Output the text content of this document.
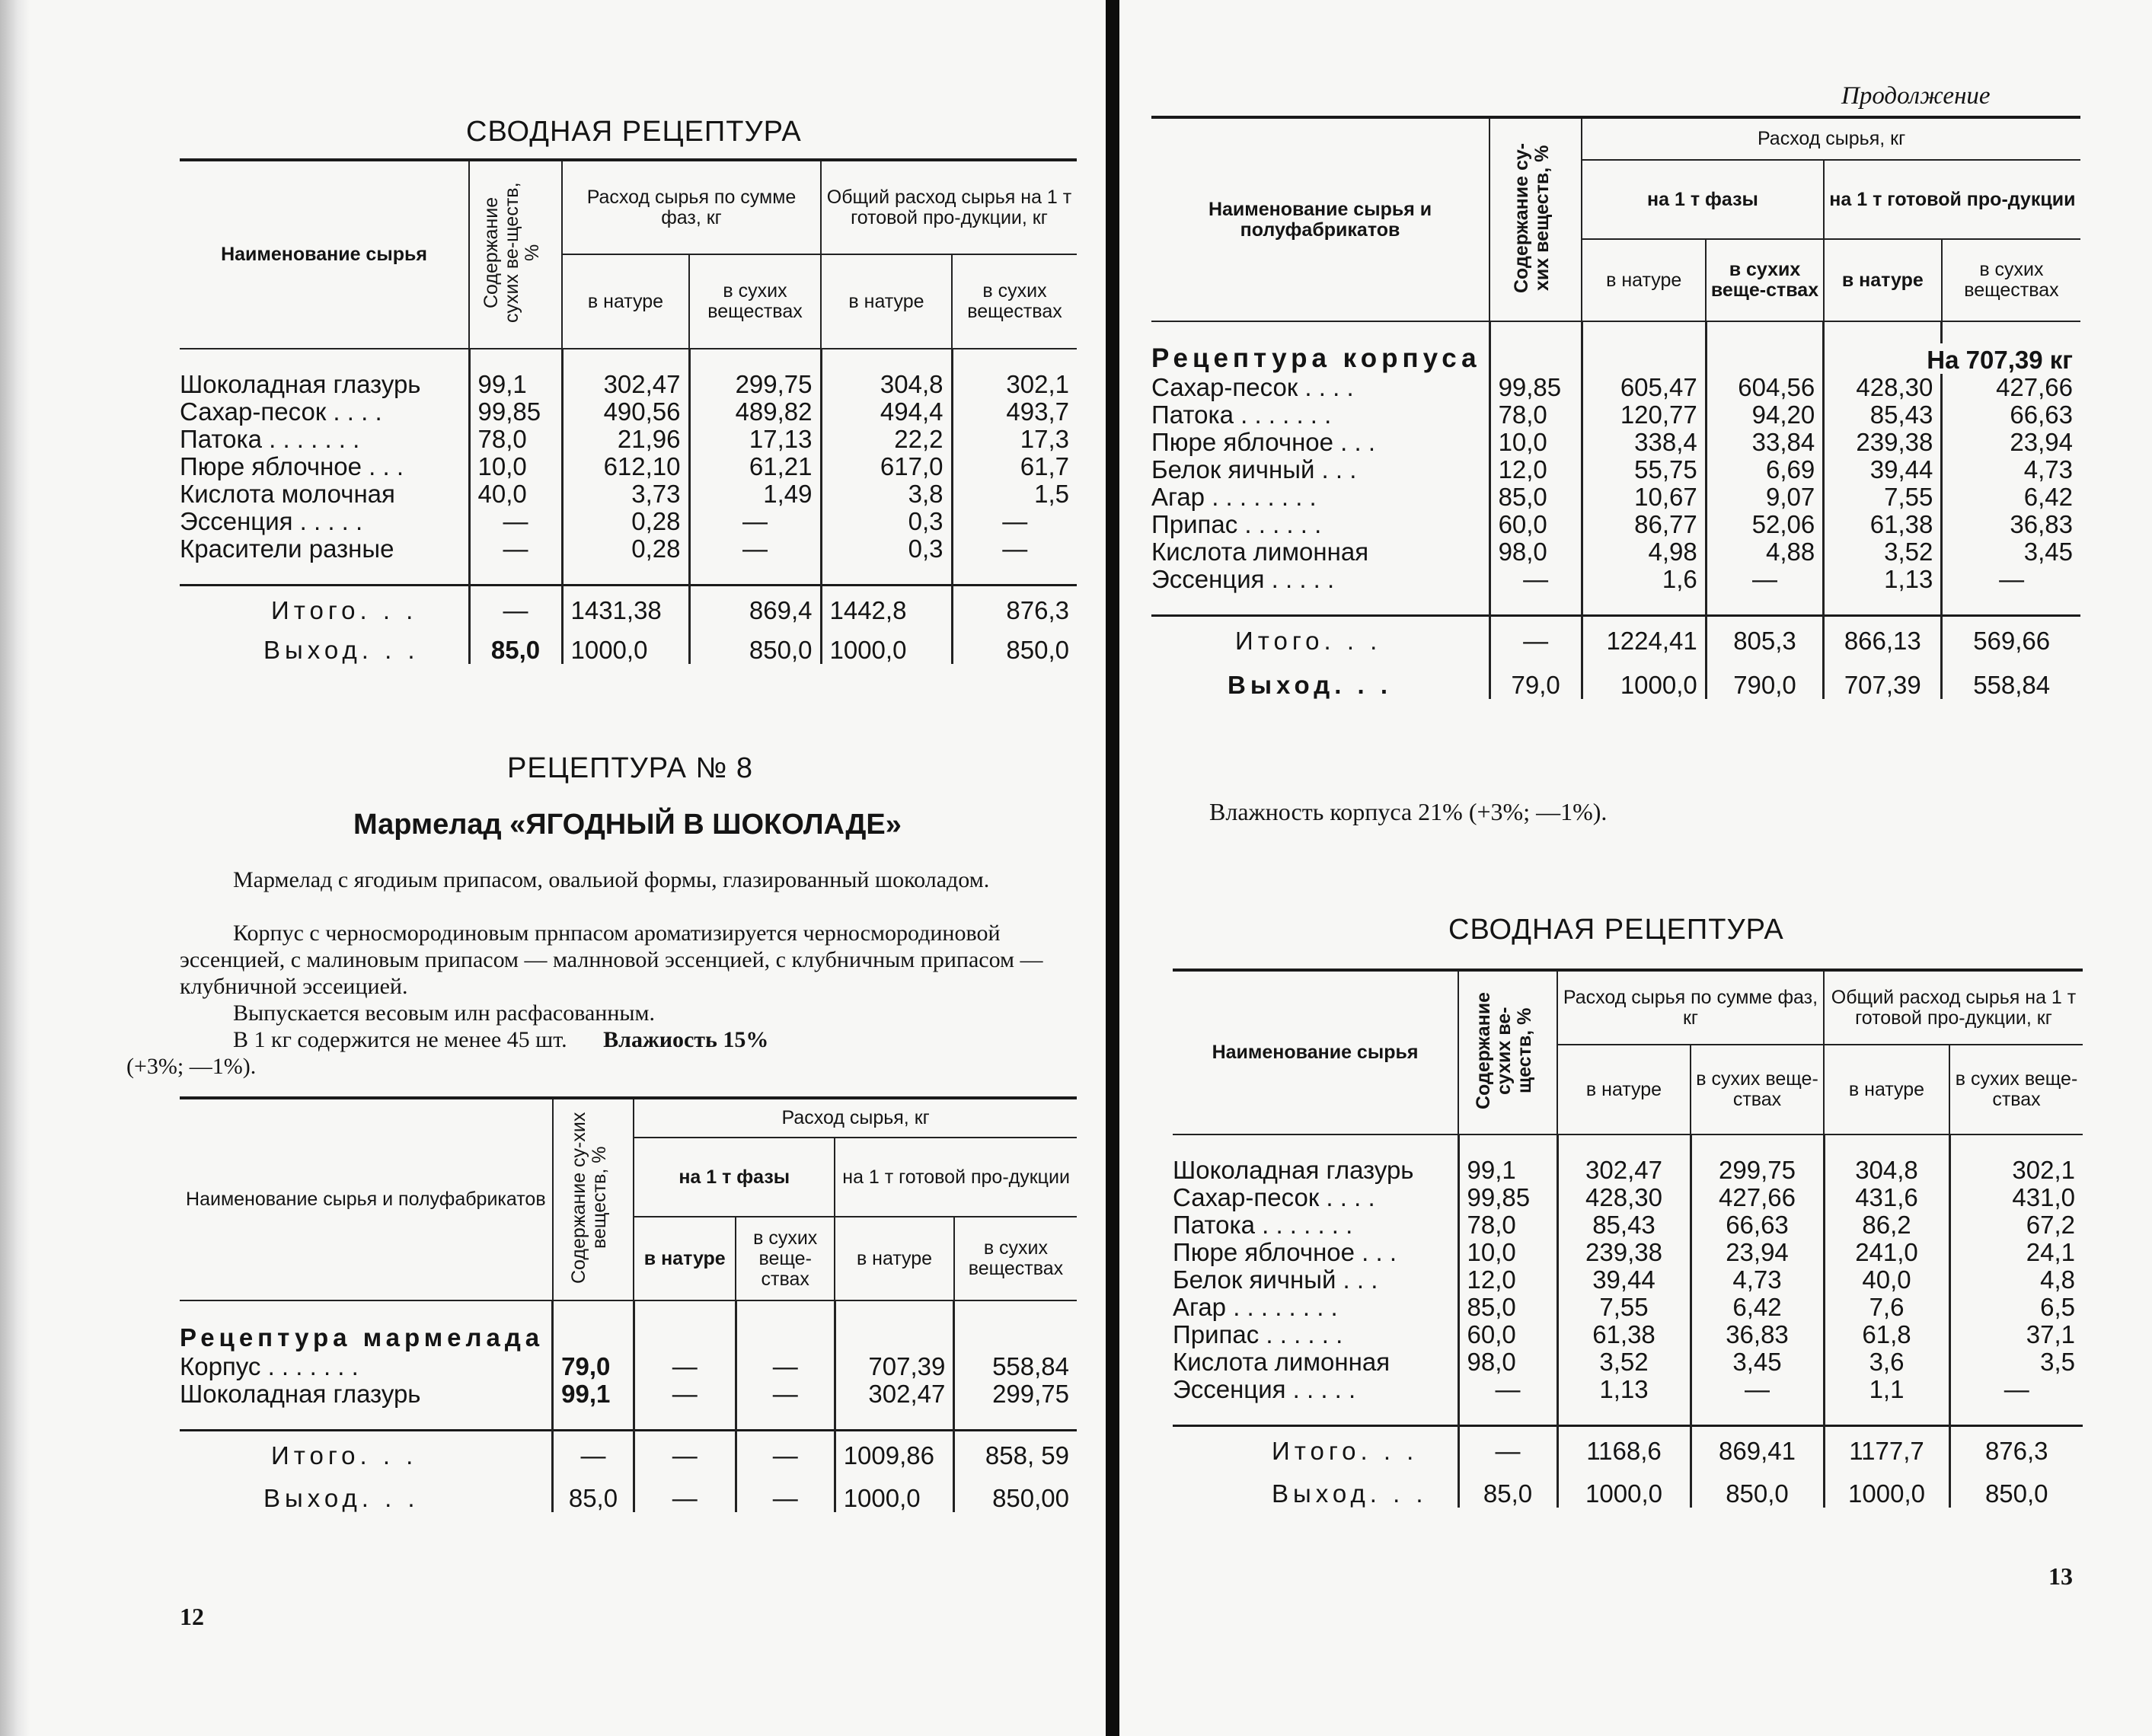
СВОДНАЯ РЕЦЕПТУРА
Наименование сырья	Содержание сухих ве-ществ, %	Расход сырья по сумме фаз, кг		Общий расход сырья на 1 т готовой про-дукции, кг	
		в натуре	в сухих веществах	в натуре	в сухих веществах

Шоколадная глазурь	99,1	302,47	299,75	304,8	302,1
Сахар-песок . . . .	99,85	490,56	489,82	494,4	493,7
Патока . . . . . . .	78,0	21,96	17,13	22,2	17,3
Пюре яблочное . . .	10,0	612,10	61,21	617,0	61,7
Кислота молочная	40,0	3,73	1,49	3,8	1,5
Эссенция . . . . .	—	0,28	—	0,3	—
Красители разные	—	0,28	—	0,3	—

Итого. . .	—	1431,38	869,4	1442,8	876,3
Выход. . .	85,0	1000,0	850,0	1000,0	850,0
РЕЦЕПТУРА № 8
Мармелад «ЯГОДНЫЙ В ШОКОЛАДЕ»
Мармелад с ягодиым припасом, овальиой формы, глазированный шоколадом.
Корпус с черносмородиновым прнпасом ароматизируется черносмородиновой эссенцией, с малиновым припасом — малнновой эссенцией, с клубничным припасом — клубничной эссеицией.
Выпускается весовым илн расфасованным.
В 1 кг содержится не менее 45 шт. Влажиость 15%
(+3%; —1%).
Наименование сырья и полуфабрикатов	Содержание су-хих веществ, %	Расход сырья, кг			
		на 1 т фазы		на 1 т готовой про-дукции	
		в натуре	в сухих веще-ствах	в натуре	в сухих веществах

Рецептура мармелада					

Корпус . . . . . . .	79,0	—	—	707,39	558,84
Шоколадная глазурь	99,1	—	—	302,47	299,75

Итого. . .	—	—	—	1009,86	858, 59
Выход. . .	85,0	—	—	1000,0	850,00
12
Продолжение
Наименование сырья и полуфабрикатов	Содержание су-хих веществ, %	Расход сырья, кг			
		на 1 т фазы		на 1 т готовой про-дукции	
		в натуре	в сухих веще-ствах	в натуре	в сухих веществах

Рецептура корпуса				На 707,39 кг	
Сахар-песок . . . .	99,85	605,47	604,56	428,30	427,66
Патока . . . . . . .	78,0	120,77	94,20	85,43	66,63
Пюре яблочное . . .	10,0	338,4	33,84	239,38	23,94
Белок яичный . . .	12,0	55,75	6,69	39,44	4,73
Агар . . . . . . . .	85,0	10,67	9,07	7,55	6,42
Припас . . . . . .	60,0	86,77	52,06	61,38	36,83
Кислота лимонная	98,0	4,98	4,88	3,52	3,45
Эссенция . . . . .	—	1,6	—	1,13	—

Итого. . .	—	1224,41	805,3	866,13	569,66
Выход. . .	79,0	1000,0	790,0	707,39	558,84
Влажность корпуса 21% (+3%; —1%).
СВОДНАЯ РЕЦЕПТУРА
Наименование сырья	Содержание сухих ве-ществ, %	Расход сырья по сумме фаз, кг		Общий расход сырья на 1 т готовой про-дукции, кг	
		в натуре	в сухих веще-ствах	в натуре	в сухих веще-ствах

Шоколадная глазурь	99,1	302,47	299,75	304,8	302,1
Сахар-песок . . . .	99,85	428,30	427,66	431,6	431,0
Патока . . . . . . .	78,0	85,43	66,63	86,2	67,2
Пюре яблочное . . .	10,0	239,38	23,94	241,0	24,1
Белок яичный . . .	12,0	39,44	4,73	40,0	4,8
Агар . . . . . . . .	85,0	7,55	6,42	7,6	6,5
Припас . . . . . .	60,0	61,38	36,83	61,8	37,1
Кислота лимонная	98,0	3,52	3,45	3,6	3,5
Эссенция . . . . .	—	1,13	—	1,1	—

Итого. . .	—	1168,6	869,41	1177,7	876,3
Выход. . .	85,0	1000,0	850,0	1000,0	850,0
13
